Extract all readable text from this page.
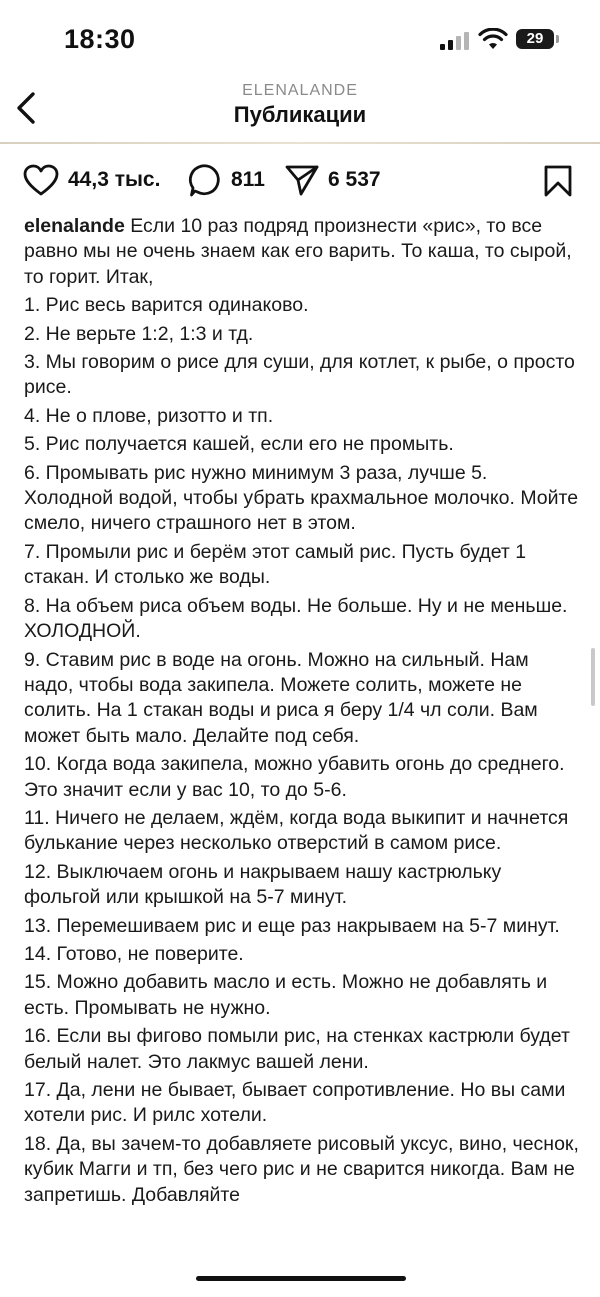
18:30	29
ELENALANDE
Публикации
44,3 тыс.	811	6 537

elenalande Если 10 раз подряд произнести «рис», то все равно мы не очень знаем как его варить. То каша, то сырой, то горит. Итак,

1. Рис весь варится одинаково.

2. Не верьте 1:2, 1:3 и тд.

3. Мы говорим о рисе для суши, для котлет, к рыбе, о просто рисе.

4. Не о плове, ризотто и тп.

5. Рис получается кашей, если его не промыть.

6. Промывать рис нужно минимум 3 раза, лучше 5. Холодной водой, чтобы убрать крахмальное молочко. Мойте смело, ничего страшного нет в этом.

7. Промыли рис и берём этот самый рис. Пусть будет 1 стакан. И столько же воды.

8. На объем риса объем воды. Не больше. Ну и не меньше. ХОЛОДНОЙ.

9. Ставим рис в воде на огонь. Можно на сильный. Нам надо, чтобы вода закипела. Можете солить, можете не солить. На 1 стакан воды и риса я беру 1/4 чл соли. Вам может быть мало. Делайте под себя.

10. Когда вода закипела, можно убавить огонь до среднего. Это значит если у вас 10, то до 5-6.

11. Ничего не делаем, ждём, когда вода выкипит и начнется булькание через несколько отверстий в самом рисе.

12. Выключаем огонь и накрываем нашу кастрюльку фольгой или крышкой на 5-7 минут.

13. Перемешиваем рис и еще раз накрываем на 5-7 минут.

14. Готово, не поверите.

15. Можно добавить масло и есть. Можно не добавлять и есть. Промывать не нужно.

16. Если вы фигово помыли рис, на стенках кастрюли будет белый налет. Это лакмус вашей лени.

17. Да, лени не бывает, бывает сопротивление. Но вы сами хотели рис. И рилс хотели.

18. Да, вы зачем-то добавляете рисовый уксус, вино, чеснок, кубик Магги и тп, без чего рис и не сварится никогда. Вам не запретишь. Добавляйте
